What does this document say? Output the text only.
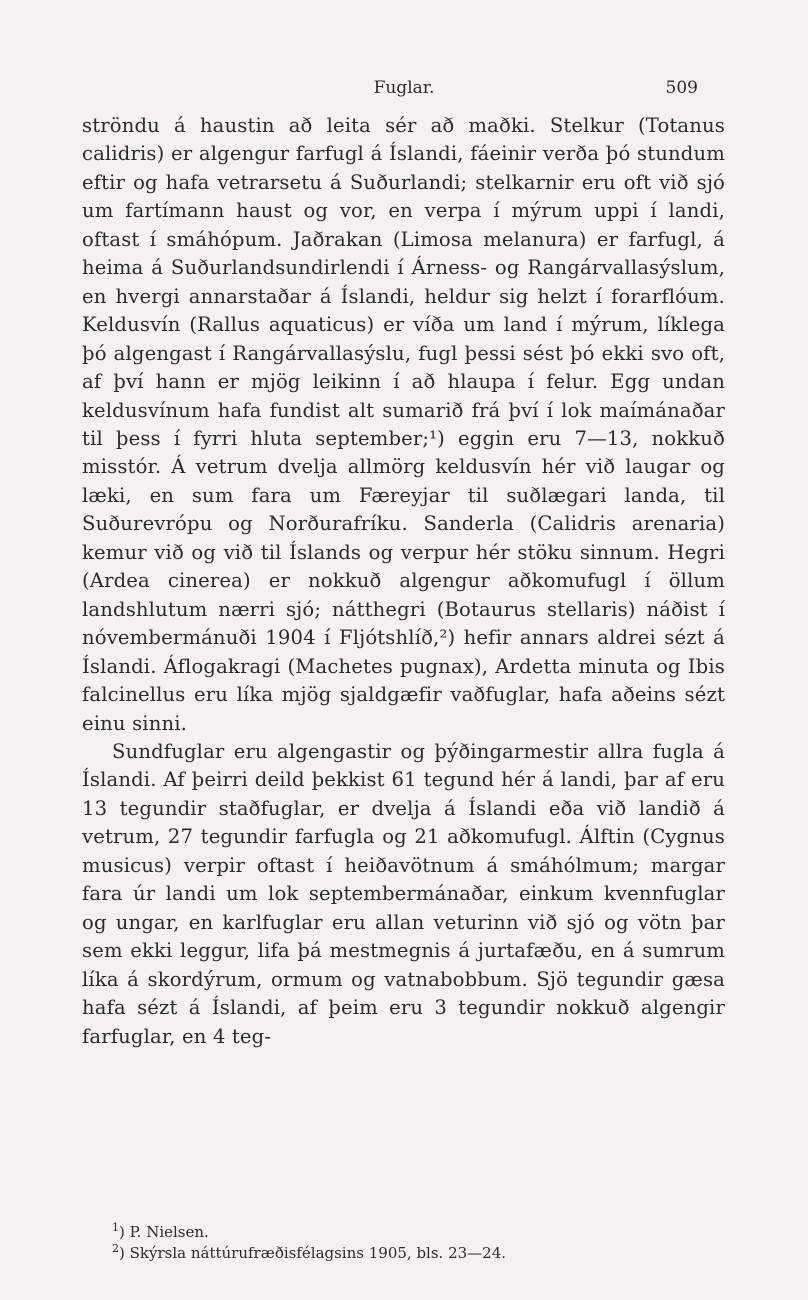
Fuglar.	509

ströndu á haustin að leita sér að maðki. Stelkur (Totanus calidris) er algengur farfugl á Íslandi, fáeinir verða þó stundum eftir og hafa vetrarsetu á Suðurlandi; stelkarnir eru oft við sjó um fartímann haust og vor, en verpa í mýrum uppi í landi, oftast í smáhópum. Jaðrakan (Limosa melanura) er farfugl, á heima á Suðurlandsundirlendi í Árness- og Rangárvallasýslum, en hvergi annarstaðar á Íslandi, heldur sig helzt í forarflóum. Keldusvín (Rallus aquaticus) er víða um land í mýrum, líklega þó algengast í Rangárvallasýslu, fugl þessi sést þó ekki svo oft, af því hann er mjög leikinn í að hlaupa í felur. Egg undan keldusvínum hafa fundist alt sumarið frá því í lok maímánaðar til þess í fyrri hluta september;¹) eggin eru 7—13, nokkuð misstór. Á vetrum dvelja allmörg keldusvín hér við laugar og læki, en sum fara um Færeyjar til suðlægari landa, til Suðurevrópu og Norðurafríku. Sanderla (Calidris arenaria) kemur við og við til Íslands og verpur hér stöku sinnum. Hegri (Ardea cinerea) er nokkuð algengur aðkomufugl í öllum landshlutum nærri sjó; nátthegri (Botaurus stellaris) náðist í nóvembermánuði 1904 í Fljótshlíð,²) hefir annars aldrei sézt á Íslandi. Áflogakragi (Machetes pugnax), Ardetta minuta og Ibis falcinellus eru líka mjög sjaldgæfir vaðfuglar, hafa aðeins sézt einu sinni.

Sundfuglar eru algengastir og þýðingarmestir allra fugla á Íslandi. Af þeirri deild þekkist 61 tegund hér á landi, þar af eru 13 tegundir staðfuglar, er dvelja á Íslandi eða við landið á vetrum, 27 tegundir farfugla og 21 aðkomufugl. Álftin (Cygnus musicus) verpir oftast í heiðavötnum á smáhólmum; margar fara úr landi um lok septembermánaðar, einkum kvennfuglar og ungar, en karlfuglar eru allan veturinn við sjó og vötn þar sem ekki leggur, lifa þá mestmegnis á jurtafæðu, en á sumrum líka á skordýrum, ormum og vatnabobbum. Sjö tegundir gæsa hafa sézt á Íslandi, af þeim eru 3 tegundir nokkuð algengir farfuglar, en 4 teg-

$^1$) P. Nielsen.
$^2$) Skýrsla náttúrufræðisfélagsins 1905, bls. 23—24.
